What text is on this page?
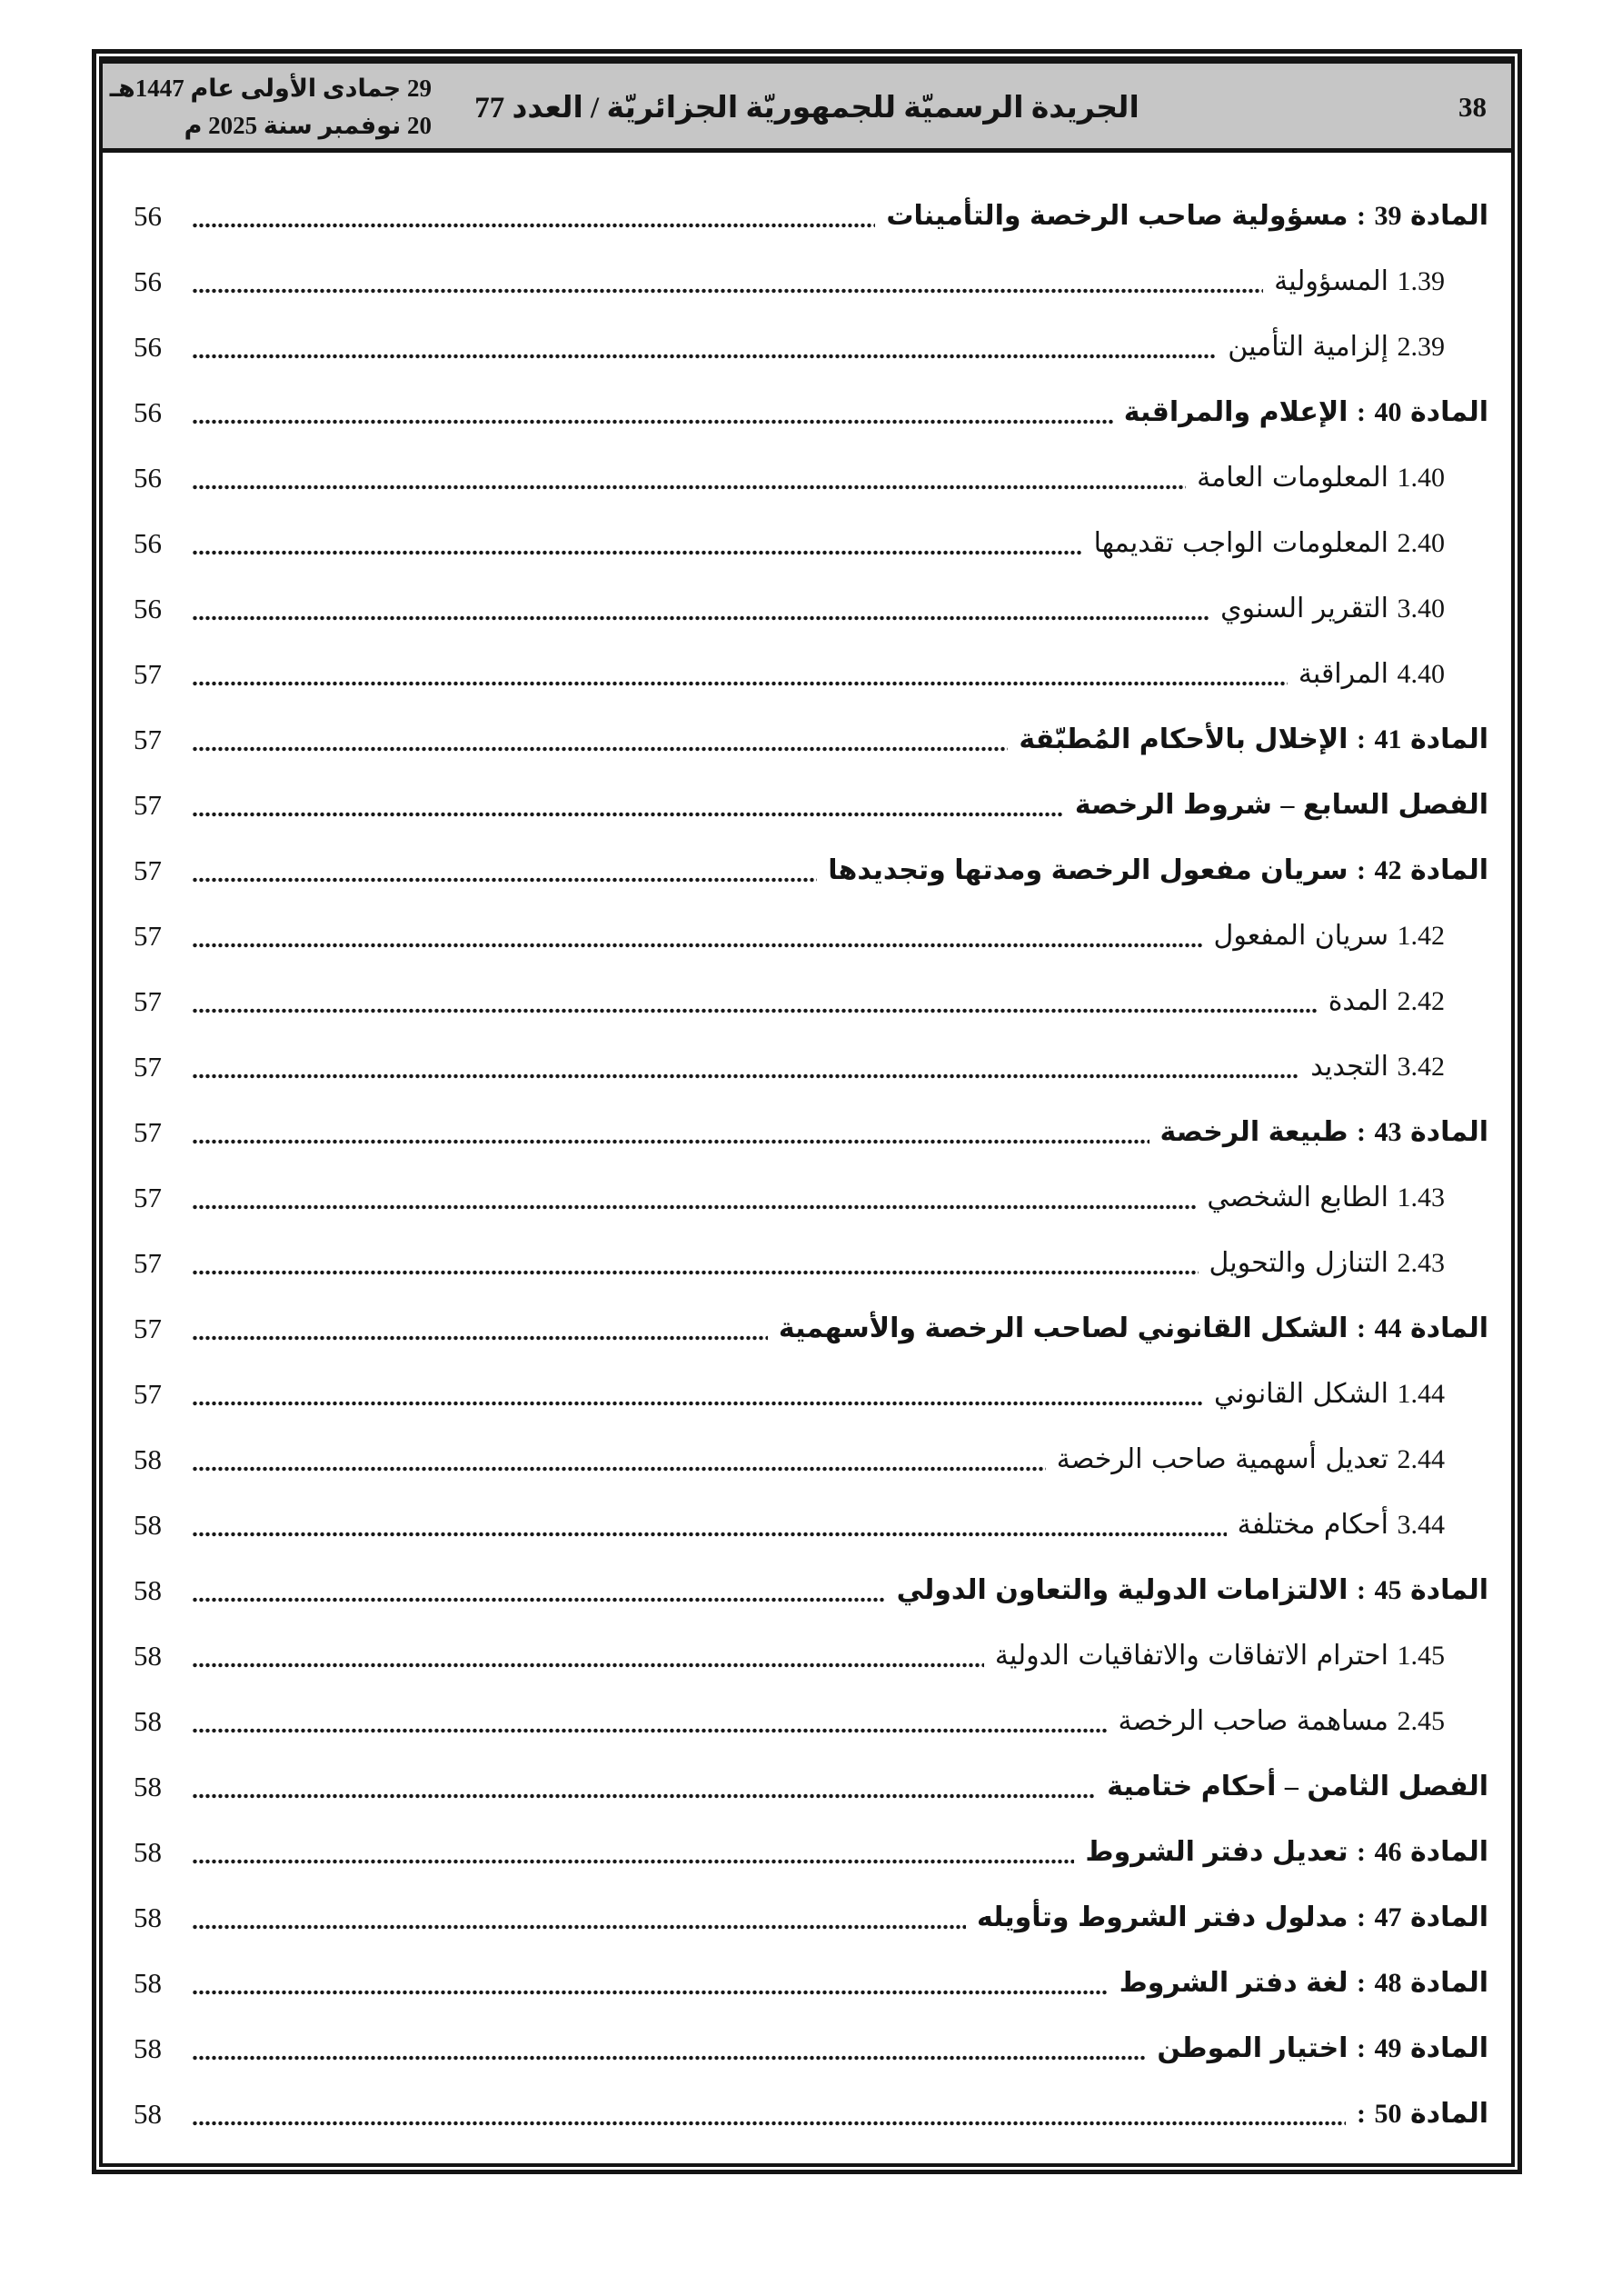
29 جمادى الأولى عام 1447هـ
20 نوفمبر سنة 2025 م
الجريدة الرسميّة للجمهوريّة الجزائريّة / العدد 77	38
المادة 39 : مسؤولية صاحب الرخصة والتأمينات
56
1.39 المسؤولية
56
2.39 إلزامية التأمين
56
المادة 40 : الإعلام والمراقبة
56
1.40 المعلومات العامة
56
2.40 المعلومات الواجب تقديمها
56
3.40 التقرير السنوي
56
4.40 المراقبة
57
المادة 41 : الإخلال بالأحكام المُطبّقة
57
الفصل السابع – شروط الرخصة
57
المادة 42 : سريان مفعول الرخصة ومدتها وتجديدها
57
1.42 سريان المفعول
57
2.42 المدة
57
3.42 التجديد
57
المادة 43 : طبيعة الرخصة
57
1.43 الطابع الشخصي
57
2.43 التنازل والتحويل
57
المادة 44 : الشكل القانوني لصاحب الرخصة والأسهمية
57
1.44 الشكل القانوني
57
2.44 تعديل أسهمية صاحب الرخصة
58
3.44 أحكام مختلفة
58
المادة 45 : الالتزامات الدولية والتعاون الدولي
58
1.45 احترام الاتفاقات والاتفاقيات الدولية
58
2.45 مساهمة صاحب الرخصة
58
الفصل الثامن – أحكام ختامية
58
المادة 46 : تعديل دفتر الشروط
58
المادة 47 : مدلول دفتر الشروط وتأويله
58
المادة 48 : لغة دفتر الشروط
58
المادة 49 : اختيار الموطن
58
المادة 50 :
58
